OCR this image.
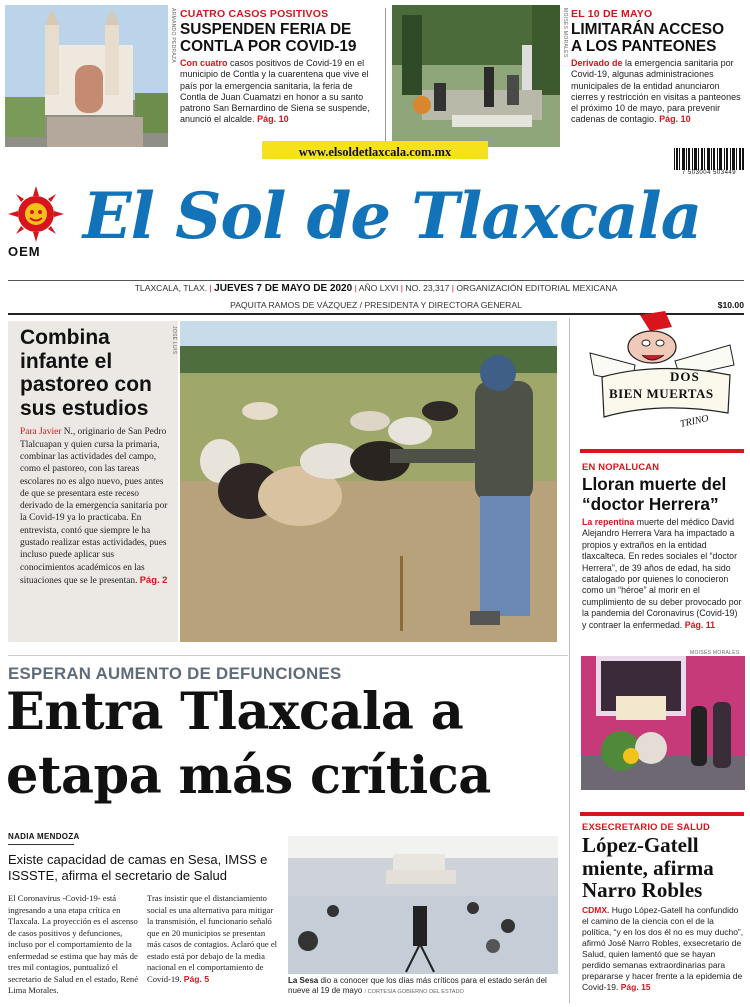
ARMANDO PEDRAZA CUATRO CASOS POSITIVOS
SUSPENDEN FERIA DE
CONTLA POR COVID-19
Con cuatro casos positivos de Covid-19 en el municipio de Contla y la cuarentena que vive el país por la emergencia sanitaria, la feria de Contla de Juan Cuamatzi en honor a su santo patrono San Bernardino de Siena se suspende, anunció el alcalde. Pág. 10
MOISÉS MORALES EL 10 DE MAYO
LIMITARÁN ACCESO
A LOS PANTEONES
Derivado de la emergencia sanitaria por Covid-19, algunas administraciones municipales de la entidad anunciaron cierres y restricción en visitas a panteones el próximo 10 de mayo, para prevenir cadenas de contagio. Pág. 10
www.elsoldetlaxcala.com.mx
OEM El Sol de Tlaxcala
7 503004 503449
TLAXCALA, TLAX. | JUEVES 7 DE MAYO DE 2020 | AÑO LXVI | NO. 23,317 | ORGANIZACIÓN EDITORIAL MEXICANA
PAQUITA RAMOS DE VÁZQUEZ / PRESIDENTA Y DIRECTORA GENERAL	$10.00
Combina
infante el
pastoreo con
sus estudios
Para Javier N., originario de San Pedro Tlalcuapan y quien cursa la primaria, combinar las actividades del campo, como el pastoreo, con las tareas escolares no es algo nuevo, pues antes de que se presentara este receso derivado de la emergencia sanitaria por la Covid-19 ya lo practicaba. En entrevista, contó que siempre le ha gustado realizar estas actividades, pues incluso puede aplicar sus conocimientos académicos en las situaciones que se le presentan. Pág. 2
JOSÉ LUIS
DOS
BIEN MUERTAS
TRINO
EN NOPALUCAN
Lloran muerte del
“doctor Herrera”
La repentina muerte del médico David Alejandro Herrera Vara ha impactado a propios y extraños en la entidad tlaxcalteca. En redes sociales el “doctor Herrera”, de 39 años de edad, ha sido catalogado por quienes lo conocieron como un “héroe” al morir en el cumplimiento de su deber provocado por la pandemia del Coronavirus (Covid-19) y contraer la enfermedad. Pág. 11
MOISÉS MORALES
EXSECRETARIO DE SALUD
López-Gatell
miente, afirma
Narro Robles
CDMX. Hugo López-Gatell ha confundido el camino de la ciencia con el de la política, “y en los dos él no es muy ducho”, afirmó José Narro Robles, exsecretario de Salud, quien lamentó que se hayan perdido semanas extraordinarias para prepararse y hacer frente a la epidemia de Covid-19. Pág. 15
ESPERAN AUMENTO DE DEFUNCIONES
Entra Tlaxcala a
etapa más crítica
NADIA MENDOZA
Existe capacidad de camas en Sesa, IMSS e ISSSTE, afirma el secretario de Salud
El Coronavirus -Covid-19- está ingresando a una etapa crítica en Tlaxcala. La proyección es el ascenso de casos positivos y defunciones, incluso por el comportamiento de la enfermedad se estima que hay más de tres mil contagios, puntualizó el secretario de Salud en el estado, René Lima Morales.
Tras insistir que el distanciamiento social es una alternativa para mitigar la transmisión, el funcionario señaló que en 20 municipios se presentan más casos de contagios. Aclaró que el estado está por debajo de la media nacional en el comportamiento de Covid-19. Pág. 5	La Sesa dio a conocer que los días más críticos para el estado serán del nueve al 19 de mayo / CORTESÍA GOBIERNO DEL ESTADO
